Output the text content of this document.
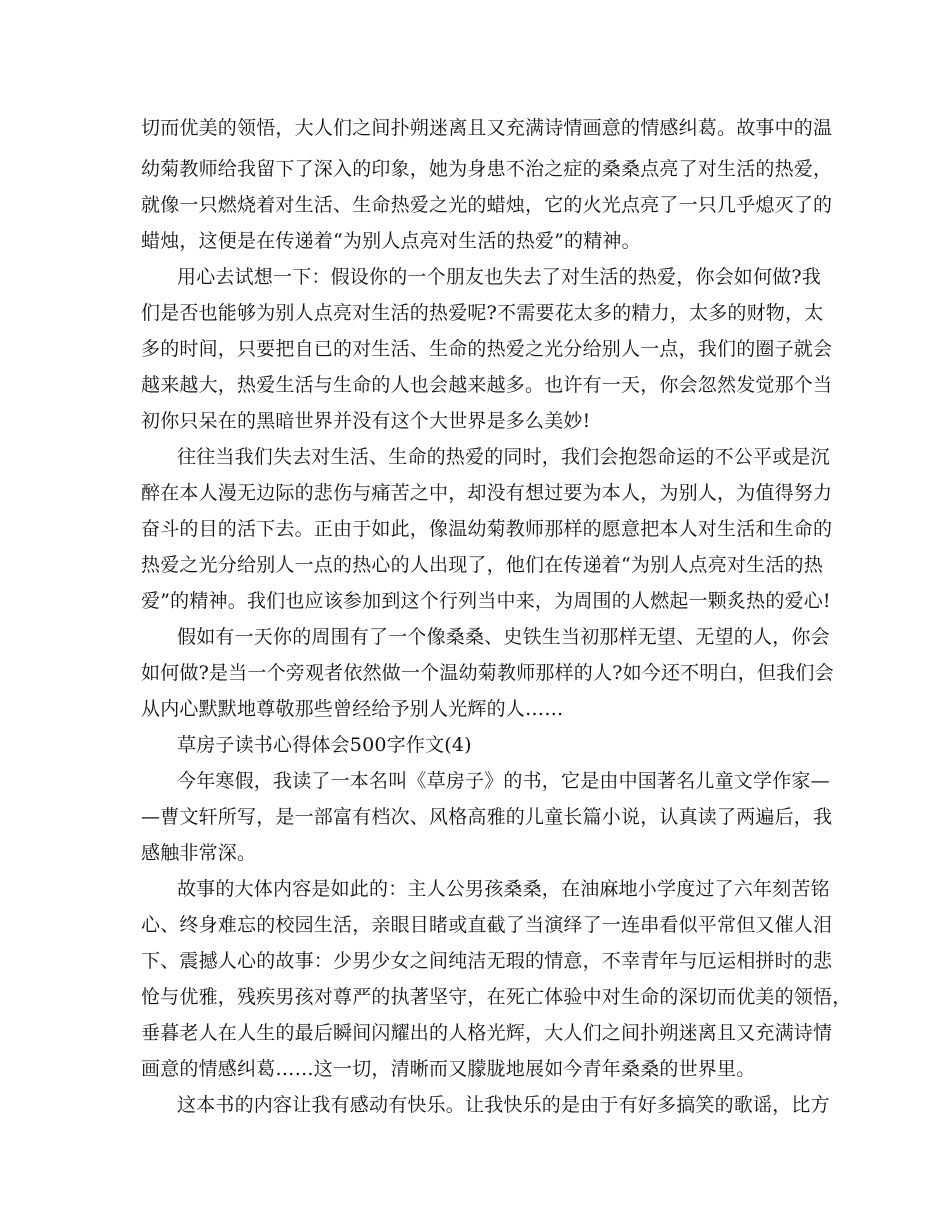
切而优美的领悟，大人们之间扑朔迷离且又充满诗情画意的情感纠葛。故事中的温
幼菊教师给我留下了深入的印象，她为身患不治之症的桑桑点亮了对生活的热爱，
就像一只燃烧着对生活、生命热爱之光的蜡烛，它的火光点亮了一只几乎熄灭了的
蜡烛，这便是在传递着“为别人点亮对生活的热爱”的精神。
用心去试想一下：假设你的一个朋友也失去了对生活的热爱，你会如何做?我
们是否也能够为别人点亮对生活的热爱呢?不需要花太多的精力，太多的财物，太
多的时间，只要把自已的对生活、生命的热爱之光分给别人一点，我们的圈子就会
越来越大，热爱生活与生命的人也会越来越多。也许有一天，你会忽然发觉那个当
初你只呆在的黑暗世界并没有这个大世界是多么美妙!
往往当我们失去对生活、生命的热爱的同时，我们会抱怨命运的不公平或是沉
醉在本人漫无边际的悲伤与痛苦之中，却没有想过要为本人，为别人，为值得努力
奋斗的目的活下去。正由于如此，像温幼菊教师那样的愿意把本人对生活和生命的
热爱之光分给别人一点的热心的人出现了，他们在传递着“为别人点亮对生活的热
爱”的精神。我们也应该参加到这个行列当中来，为周围的人燃起一颗炙热的爱心!
假如有一天你的周围有了一个像桑桑、史铁生当初那样无望、无望的人，你会
如何做?是当一个旁观者依然做一个温幼菊教师那样的人?如今还不明白，但我们会
从内心默默地尊敬那些曾经给予别人光辉的人……
草房子读书心得体会500字作文(4)
今年寒假，我读了一本名叫《草房子》的书，它是由中国著名儿童文学作家—
—曹文轩所写，是一部富有档次、风格高雅的儿童长篇小说，认真读了两遍后，我
感触非常深。
故事的大体内容是如此的：主人公男孩桑桑，在油麻地小学度过了六年刻苦铭
心、终身难忘的校园生活，亲眼目睹或直截了当演绎了一连串看似平常但又催人泪
下、震撼人心的故事：少男少女之间纯洁无瑕的情意，不幸青年与厄运相拼时的悲
怆与优雅，残疾男孩对尊严的执著坚守，在死亡体验中对生命的深切而优美的领悟，
垂暮老人在人生的最后瞬间闪耀出的人格光辉，大人们之间扑朔迷离且又充满诗情
画意的情感纠葛……这一切，清晰而又朦胧地展如今青年桑桑的世界里。
这本书的内容让我有感动有快乐。让我快乐的是由于有好多搞笑的歌谣，比方
